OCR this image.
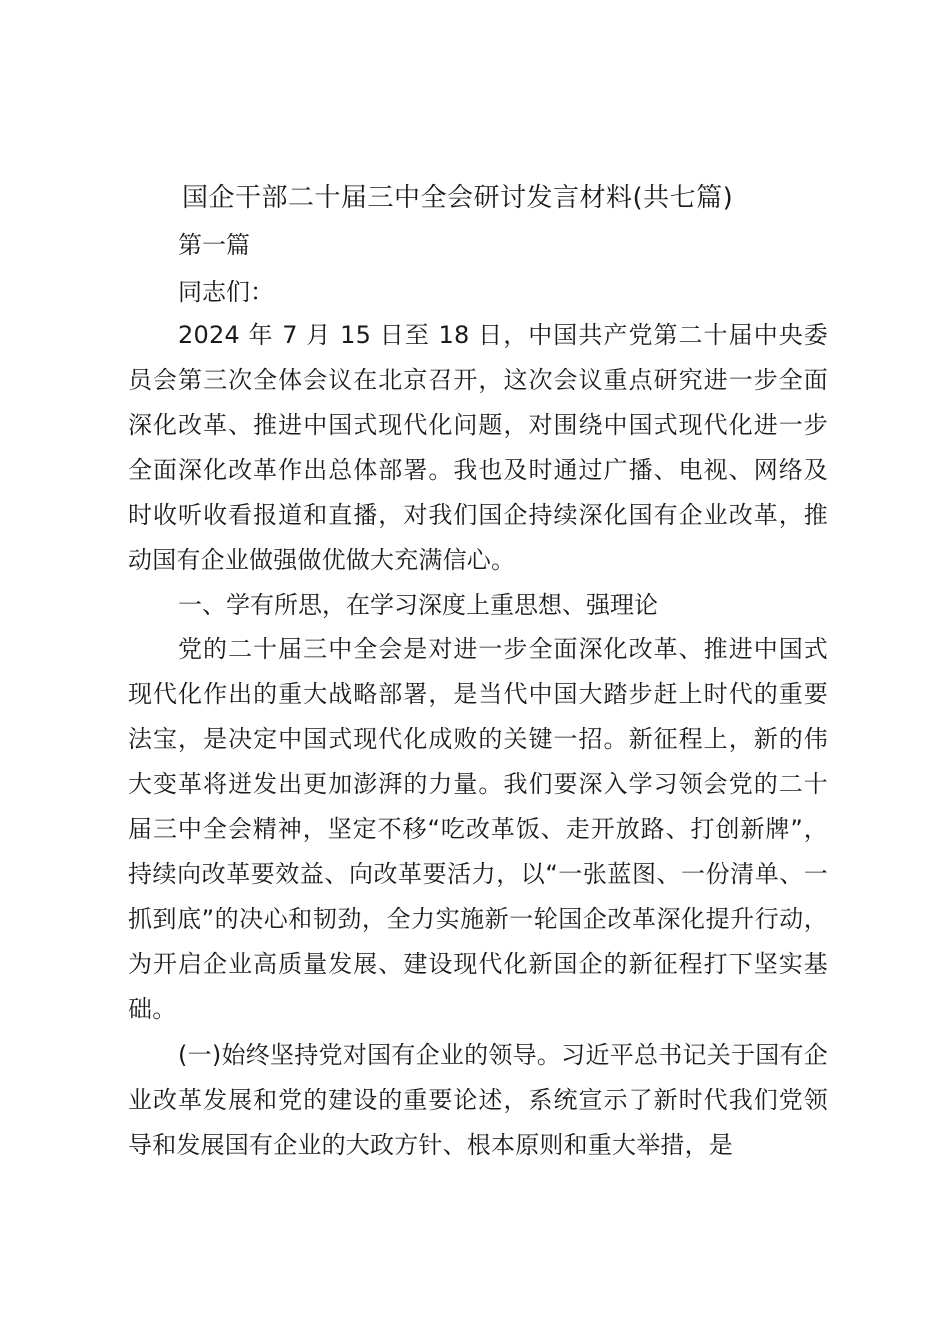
国企干部二十届三中全会研讨发言材料(共七篇)
第一篇
同志们：

2024 年 7 月 15 日至 18 日，中国共产党第二十届中央委员会第三次全体会议在北京召开，这次会议重点研究进一步全面深化改革、推进中国式现代化问题，对围绕中国式现代化进一步全面深化改革作出总体部署。我也及时通过广播、电视、网络及时收听收看报道和直播，对我们国企持续深化国有企业改革，推动国有企业做强做优做大充满信心。

一、学有所思，在学习深度上重思想、强理论

党的二十届三中全会是对进一步全面深化改革、推进中国式现代化作出的重大战略部署，是当代中国大踏步赶上时代的重要法宝，是决定中国式现代化成败的关键一招。新征程上，新的伟大变革将迸发出更加澎湃的力量。我们要深入学习领会党的二十届三中全会精神，坚定不移“吃改革饭、走开放路、打创新牌”，持续向改革要效益、向改革要活力，以“一张蓝图、一份清单、一抓到底”的决心和韧劲，全力实施新一轮国企改革深化提升行动，为开启企业高质量发展、建设现代化新国企的新征程打下坚实基础。

(一)始终坚持党对国有企业的领导。习近平总书记关于国有企业改革发展和党的建设的重要论述，系统宣示了新时代我们党领导和发展国有企业的大政方针、根本原则和重大举措，是
